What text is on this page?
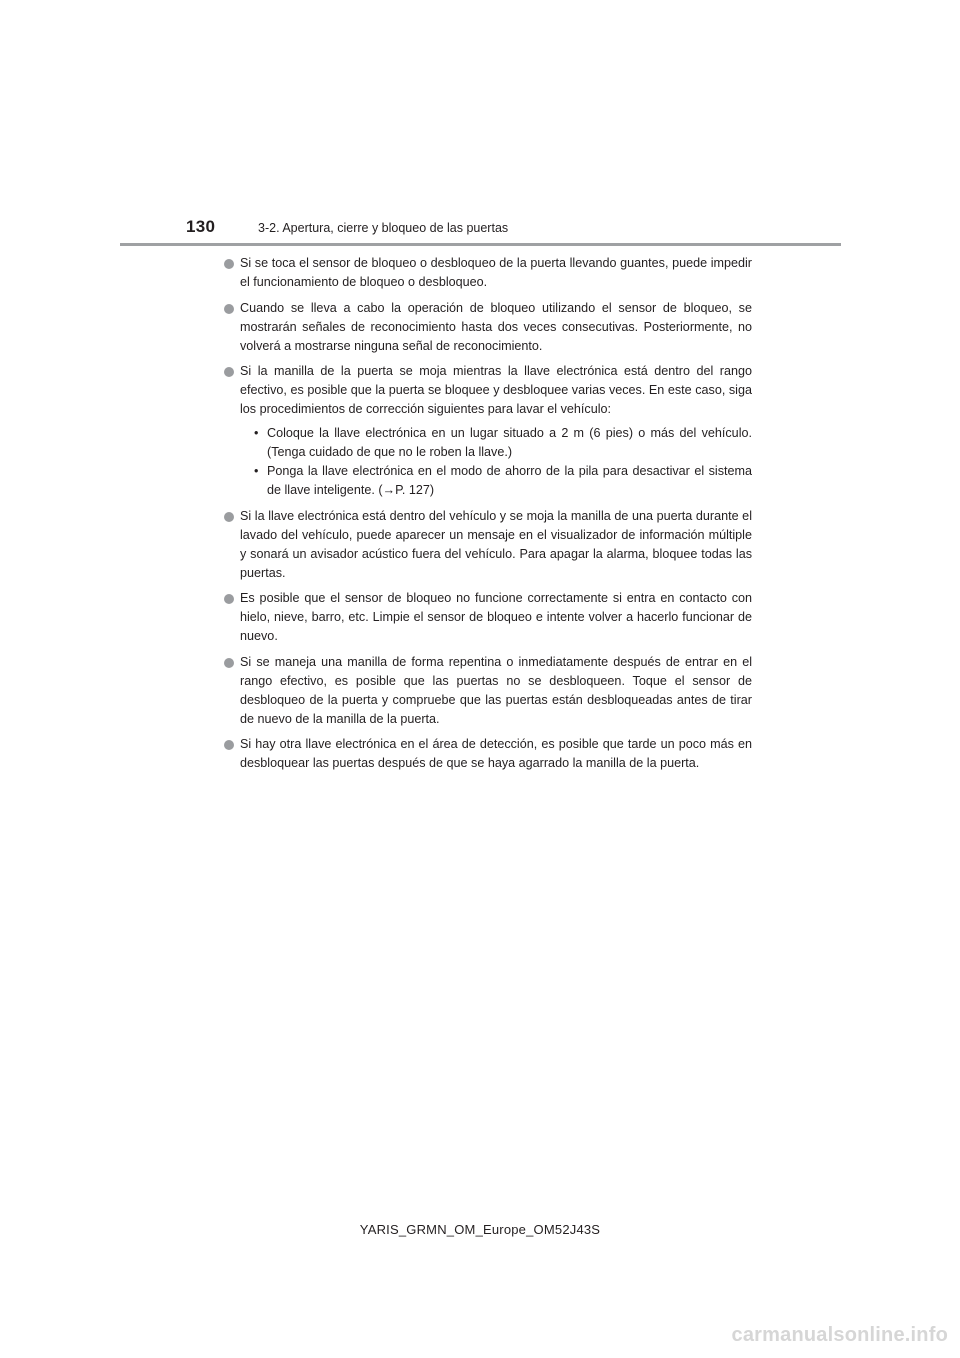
130	3-2. Apertura, cierre y bloqueo de las puertas
Si se toca el sensor de bloqueo o desbloqueo de la puerta llevando guantes, puede impedir el funcionamiento de bloqueo o desbloqueo.
Cuando se lleva a cabo la operación de bloqueo utilizando el sensor de bloqueo, se mostrarán señales de reconocimiento hasta dos veces consecutivas. Posteriormente, no volverá a mostrarse ninguna señal de reconocimiento.
Si la manilla de la puerta se moja mientras la llave electrónica está dentro del rango efectivo, es posible que la puerta se bloquee y desbloquee varias veces. En este caso, siga los procedimientos de corrección siguientes para lavar el vehículo:
• Coloque la llave electrónica en un lugar situado a 2 m (6 pies) o más del vehículo. (Tenga cuidado de que no le roben la llave.)
• Ponga la llave electrónica en el modo de ahorro de la pila para desactivar el sistema de llave inteligente. (→P. 127)
Si la llave electrónica está dentro del vehículo y se moja la manilla de una puerta durante el lavado del vehículo, puede aparecer un mensaje en el visualizador de información múltiple y sonará un avisador acústico fuera del vehículo. Para apagar la alarma, bloquee todas las puertas.
Es posible que el sensor de bloqueo no funcione correctamente si entra en contacto con hielo, nieve, barro, etc. Limpie el sensor de bloqueo e intente volver a hacerlo funcionar de nuevo.
Si se maneja una manilla de forma repentina o inmediatamente después de entrar en el rango efectivo, es posible que las puertas no se desbloqueen. Toque el sensor de desbloqueo de la puerta y compruebe que las puertas están desbloqueadas antes de tirar de nuevo de la manilla de la puerta.
Si hay otra llave electrónica en el área de detección, es posible que tarde un poco más en desbloquear las puertas después de que se haya agarrado la manilla de la puerta.
YARIS_GRMN_OM_Europe_OM52J43S
carmanualsonline.info
